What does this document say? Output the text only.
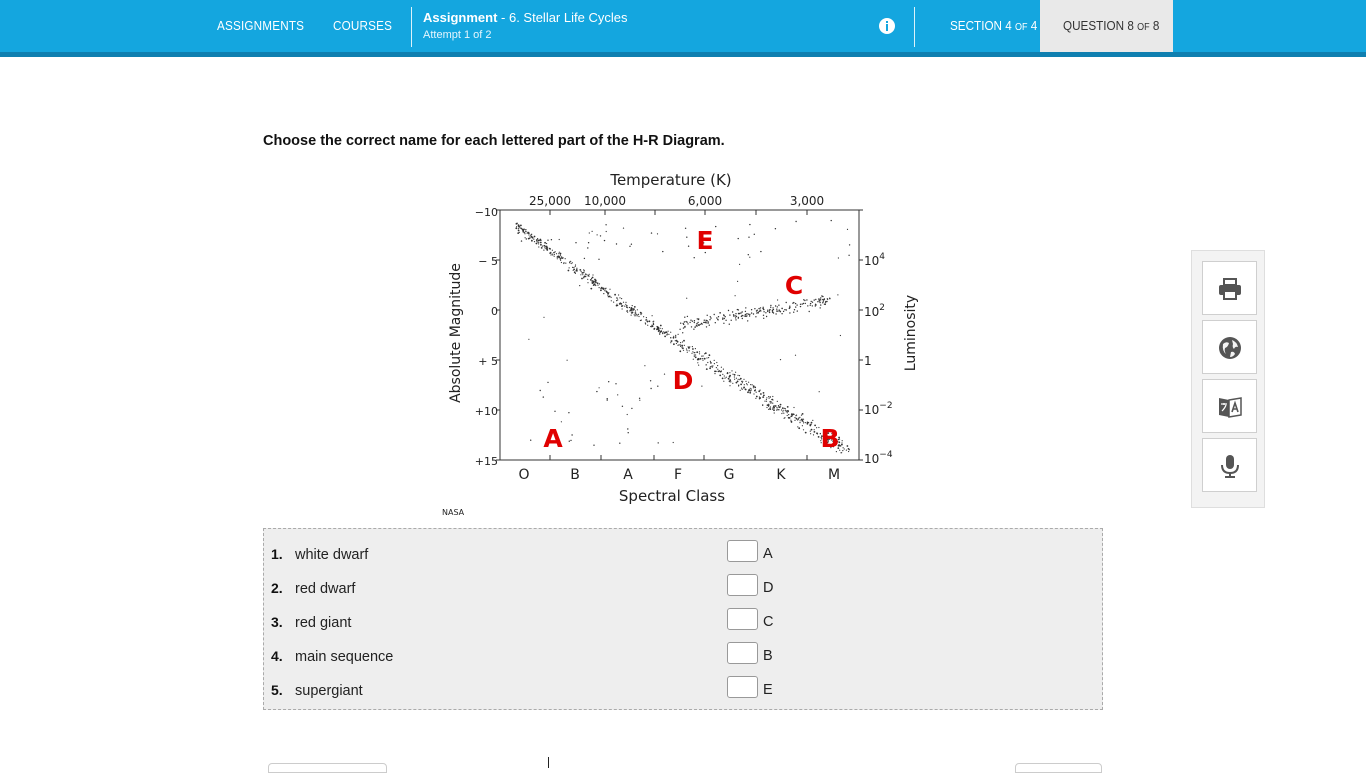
ASSIGNMENTS COURSES
Assignment - 6. Stellar Life Cycles
Attempt 1 of 2
SECTION 4 OF 4 QUESTION 8 OF 8
Choose the correct name for each lettered part of the H-R Diagram.
Temperature (K)
25,000 10,000	6,000	3,000
−10
− 5
0
+ 5
+10
+15
Absolute Magnitude	Luminosity
$10^4$
$10^2$
1
$10^{-2}$
$10^{-4}$
O	B	A	F	G	K	M
Spectral Class
E
C
D
A	B
NASA
1. white dwarf	A
2. red dwarf	D
3. red giant	C
4. main sequence	B
5. supergiant	E
